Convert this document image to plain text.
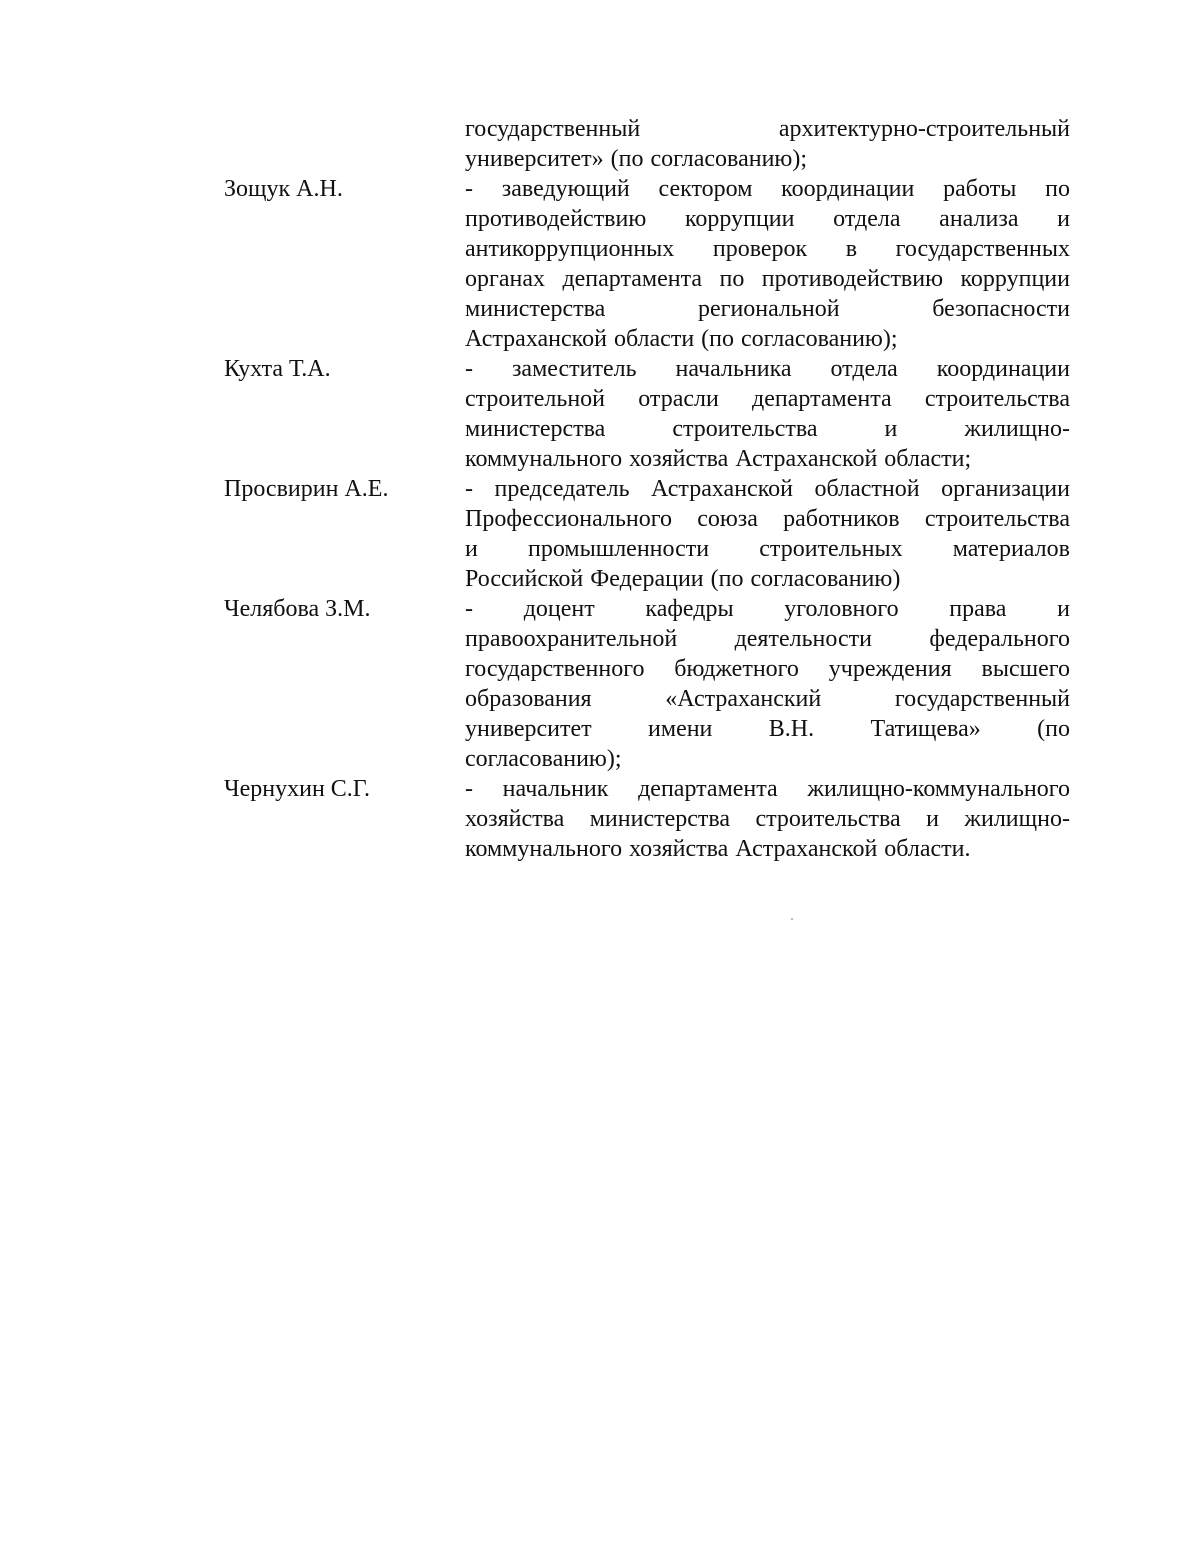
государственный	архитектурно-строительный
университет» (по согласованию);
Зощук А.Н.	- заведующий сектором координации работы по
противодействию коррупции отдела анализа и
антикоррупционных проверок в государственных
органах департамента по противодействию коррупции
министерства	региональной	безопасности
Астраханской области (по согласованию);
Кухта Т.А.	- заместитель начальника отдела координации
строительной отрасли департамента строительства
министерства	строительства	и	жилищно-
коммунального хозяйства Астраханской области;
Просвирин А.Е.	- председатель Астраханской областной организации
Профессионального союза работников строительства
и промышленности строительных материалов
Российской Федерации (по согласованию)
Челябова З.М.	- доцент кафедры уголовного права и
правоохранительной деятельности федерального
государственного бюджетного учреждения высшего
образования	«Астраханский	государственный
университет имени В.Н. Татищева» (по
согласованию);
Чернухин С.Г.	- начальник департамента жилищно-коммунального
хозяйства министерства строительства и жилищно-
коммунального хозяйства Астраханской области.
